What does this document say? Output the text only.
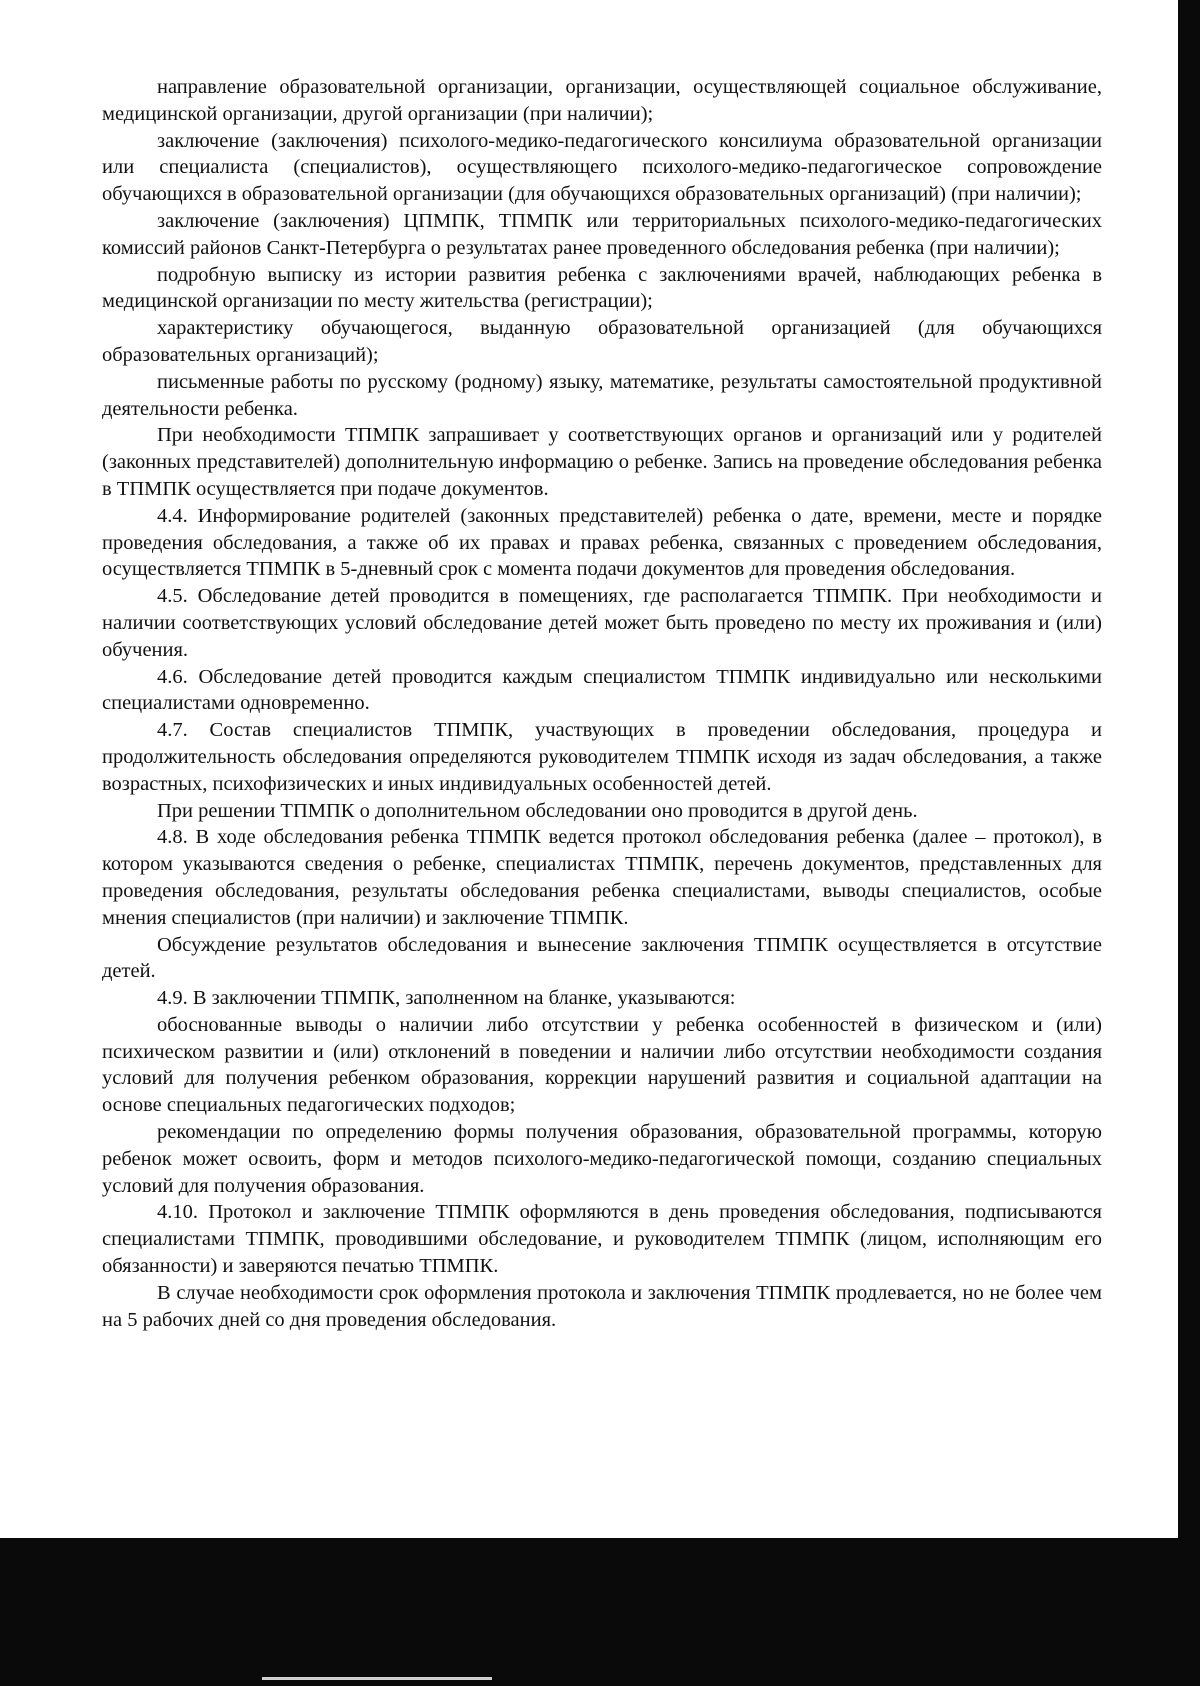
направление образовательной организации, организации, осуществляющей социальное обслуживание, медицинской организации, другой организации (при наличии);

заключение (заключения) психолого-медико-педагогического консилиума образовательной организации или специалиста (специалистов), осуществляющего психолого-медико-педагогическое сопровождение обучающихся в образовательной организации (для обучающихся образовательных организаций) (при наличии);

заключение (заключения) ЦПМПК, ТПМПК или территориальных психолого-медико-педагогических комиссий районов Санкт-Петербурга о результатах ранее проведенного обследования ребенка (при наличии);

подробную выписку из истории развития ребенка с заключениями врачей, наблюдающих ребенка в медицинской организации по месту жительства (регистрации);

характеристику обучающегося, выданную образовательной организацией (для обучающихся образовательных организаций);

письменные работы по русскому (родному) языку, математике, результаты самостоятельной продуктивной деятельности ребенка.

При необходимости ТПМПК запрашивает у соответствующих органов и организаций или у родителей (законных представителей) дополнительную информацию о ребенке. Запись на проведение обследования ребенка в ТПМПК осуществляется при подаче документов.

4.4. Информирование родителей (законных представителей) ребенка о дате, времени, месте и порядке проведения обследования, а также об их правах и правах ребенка, связанных с проведением обследования, осуществляется ТПМПК в 5-дневный срок с момента подачи документов для проведения обследования.

4.5. Обследование детей проводится в помещениях, где располагается ТПМПК. При необходимости и наличии соответствующих условий обследование детей может быть проведено по месту их проживания и (или) обучения.

4.6. Обследование детей проводится каждым специалистом ТПМПК индивидуально или несколькими специалистами одновременно.

4.7. Состав специалистов ТПМПК, участвующих в проведении обследования, процедура и продолжительность обследования определяются руководителем ТПМПК исходя из задач обследования, а также возрастных, психофизических и иных индивидуальных особенностей детей.

При решении ТПМПК о дополнительном обследовании оно проводится в другой день.

4.8. В ходе обследования ребенка ТПМПК ведется протокол обследования ребенка (далее – протокол), в котором указываются сведения о ребенке, специалистах ТПМПК, перечень документов, представленных для проведения обследования, результаты обследования ребенка специалистами, выводы специалистов, особые мнения специалистов (при наличии) и заключение ТПМПК.

Обсуждение результатов обследования и вынесение заключения ТПМПК осуществляется в отсутствие детей.

4.9. В заключении ТПМПК, заполненном на бланке, указываются:

обоснованные выводы о наличии либо отсутствии у ребенка особенностей в физическом и (или) психическом развитии и (или) отклонений в поведении и наличии либо отсутствии необходимости создания условий для получения ребенком образования, коррекции нарушений развития и социальной адаптации на основе специальных педагогических подходов;

рекомендации по определению формы получения образования, образовательной программы, которую ребенок может освоить, форм и методов психолого-медико-педагогической помощи, созданию специальных условий для получения образования.

4.10. Протокол и заключение ТПМПК оформляются в день проведения обследования, подписываются специалистами ТПМПК, проводившими обследование, и руководителем ТПМПК (лицом, исполняющим его обязанности) и заверяются печатью ТПМПК.

В случае необходимости срок оформления протокола и заключения ТПМПК продлевается, но не более чем на 5 рабочих дней со дня проведения обследования.
